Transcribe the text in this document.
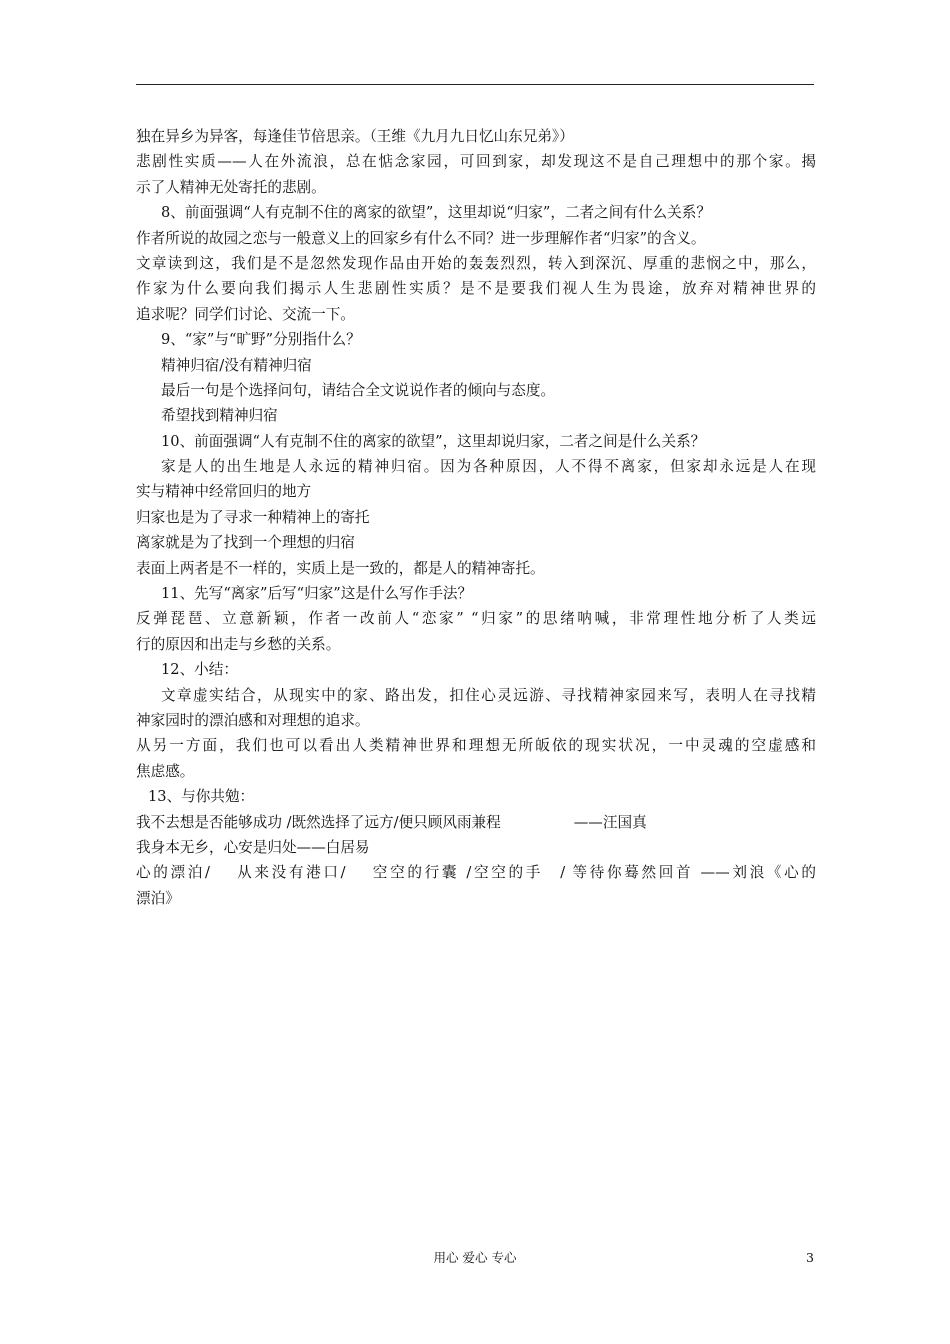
独在异乡为异客，每逢佳节倍思亲。（王维《九月九日忆山东兄弟》）
悲剧性实质——人在外流浪，总在惦念家园，可回到家，却发现这不是自己理想中的那个家。揭
示了人精神无处寄托的悲剧。
8、前面强调“人有克制不住的离家的欲望”，这里却说“归家”，二者之间有什么关系？
作者所说的故园之恋与一般意义上的回家乡有什么不同？进一步理解作者“归家”的含义。
文章读到这，我们是不是忽然发现作品由开始的轰轰烈烈，转入到深沉、厚重的悲悯之中，那么，
作家为什么要向我们揭示人生悲剧性实质？是不是要我们视人生为畏途，放弃对精神世界的
追求呢？同学们讨论、交流一下。
9、“家”与“旷野”分别指什么？
精神归宿/没有精神归宿
最后一句是个选择问句，请结合全文说说作者的倾向与态度。
希望找到精神归宿
10、前面强调“人有克制不住的离家的欲望”，这里却说归家，二者之间是什么关系？
家是人的出生地是人永远的精神归宿。因为各种原因，人不得不离家，但家却永远是人在现
实与精神中经常回归的地方
归家也是为了寻求一种精神上的寄托
离家就是为了找到一个理想的归宿
表面上两者是不一样的，实质上是一致的，都是人的精神寄托。
11、先写“离家”后写“归家”这是什么写作手法？
反弹琵琶、立意新颖，作者一改前人“恋家” “归家”的思绪呐喊，非常理性地分析了人类远
行的原因和出走与乡愁的关系。
12、小结：
文章虚实结合，从现实中的家、路出发，扣住心灵远游、寻找精神家园来写，表明人在寻找精
神家园时的漂泊感和对理想的追求。
从另一方面，我们也可以看出人类精神世界和理想无所皈依的现实状况，一中灵魂的空虚感和
焦虑感。
13、与你共勉：
我不去想是否能够成功 /既然选择了远方/便只顾风雨兼程　　　　　——汪国真
我身本无乡，心安是归处——白居易
心的漂泊/　 从来没有港口/　 空空的行囊 /空空的手　/ 等待你蓦然回首 ——刘浪《心的
漂泊》
用心 爱心 专心	3
